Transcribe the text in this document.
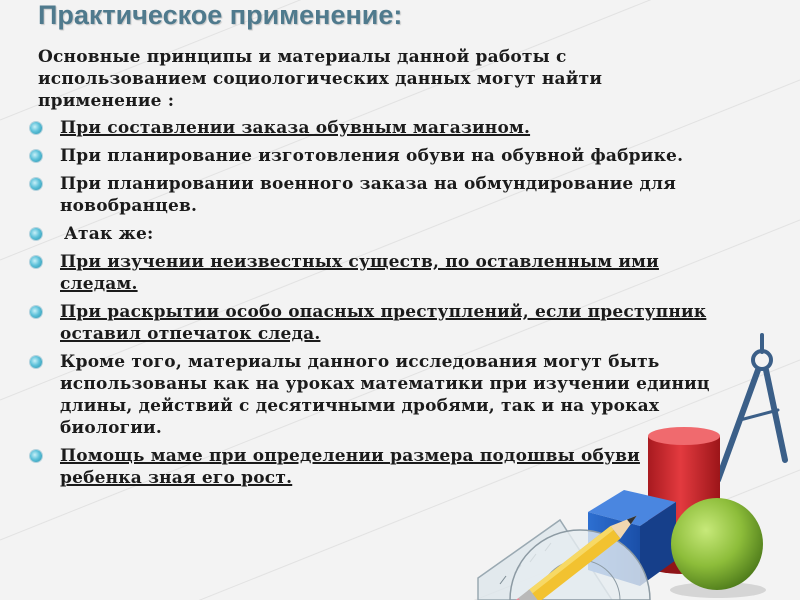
Практическое применение:

Основные принципы и материалы данной работы с использованием социологических данных могут найти применение :

При составлении заказа обувным магазином.
При планирование изготовления обуви на обувной фабрике.
При планировании военного заказа на обмундирование для новобранцев.
Атак же:
При изучении неизвестных существ, по оставленным ими следам.
При раскрытии особо опасных преступлений, если преступник оставил отпечаток следа.
Кроме того, материалы данного исследования могут быть использованы как на уроках математики при изучении единиц длины, действий с десятичными дробями, так и на уроках биологии.
Помощь маме при определении размера подошвы обуви ребенка зная его рост.
